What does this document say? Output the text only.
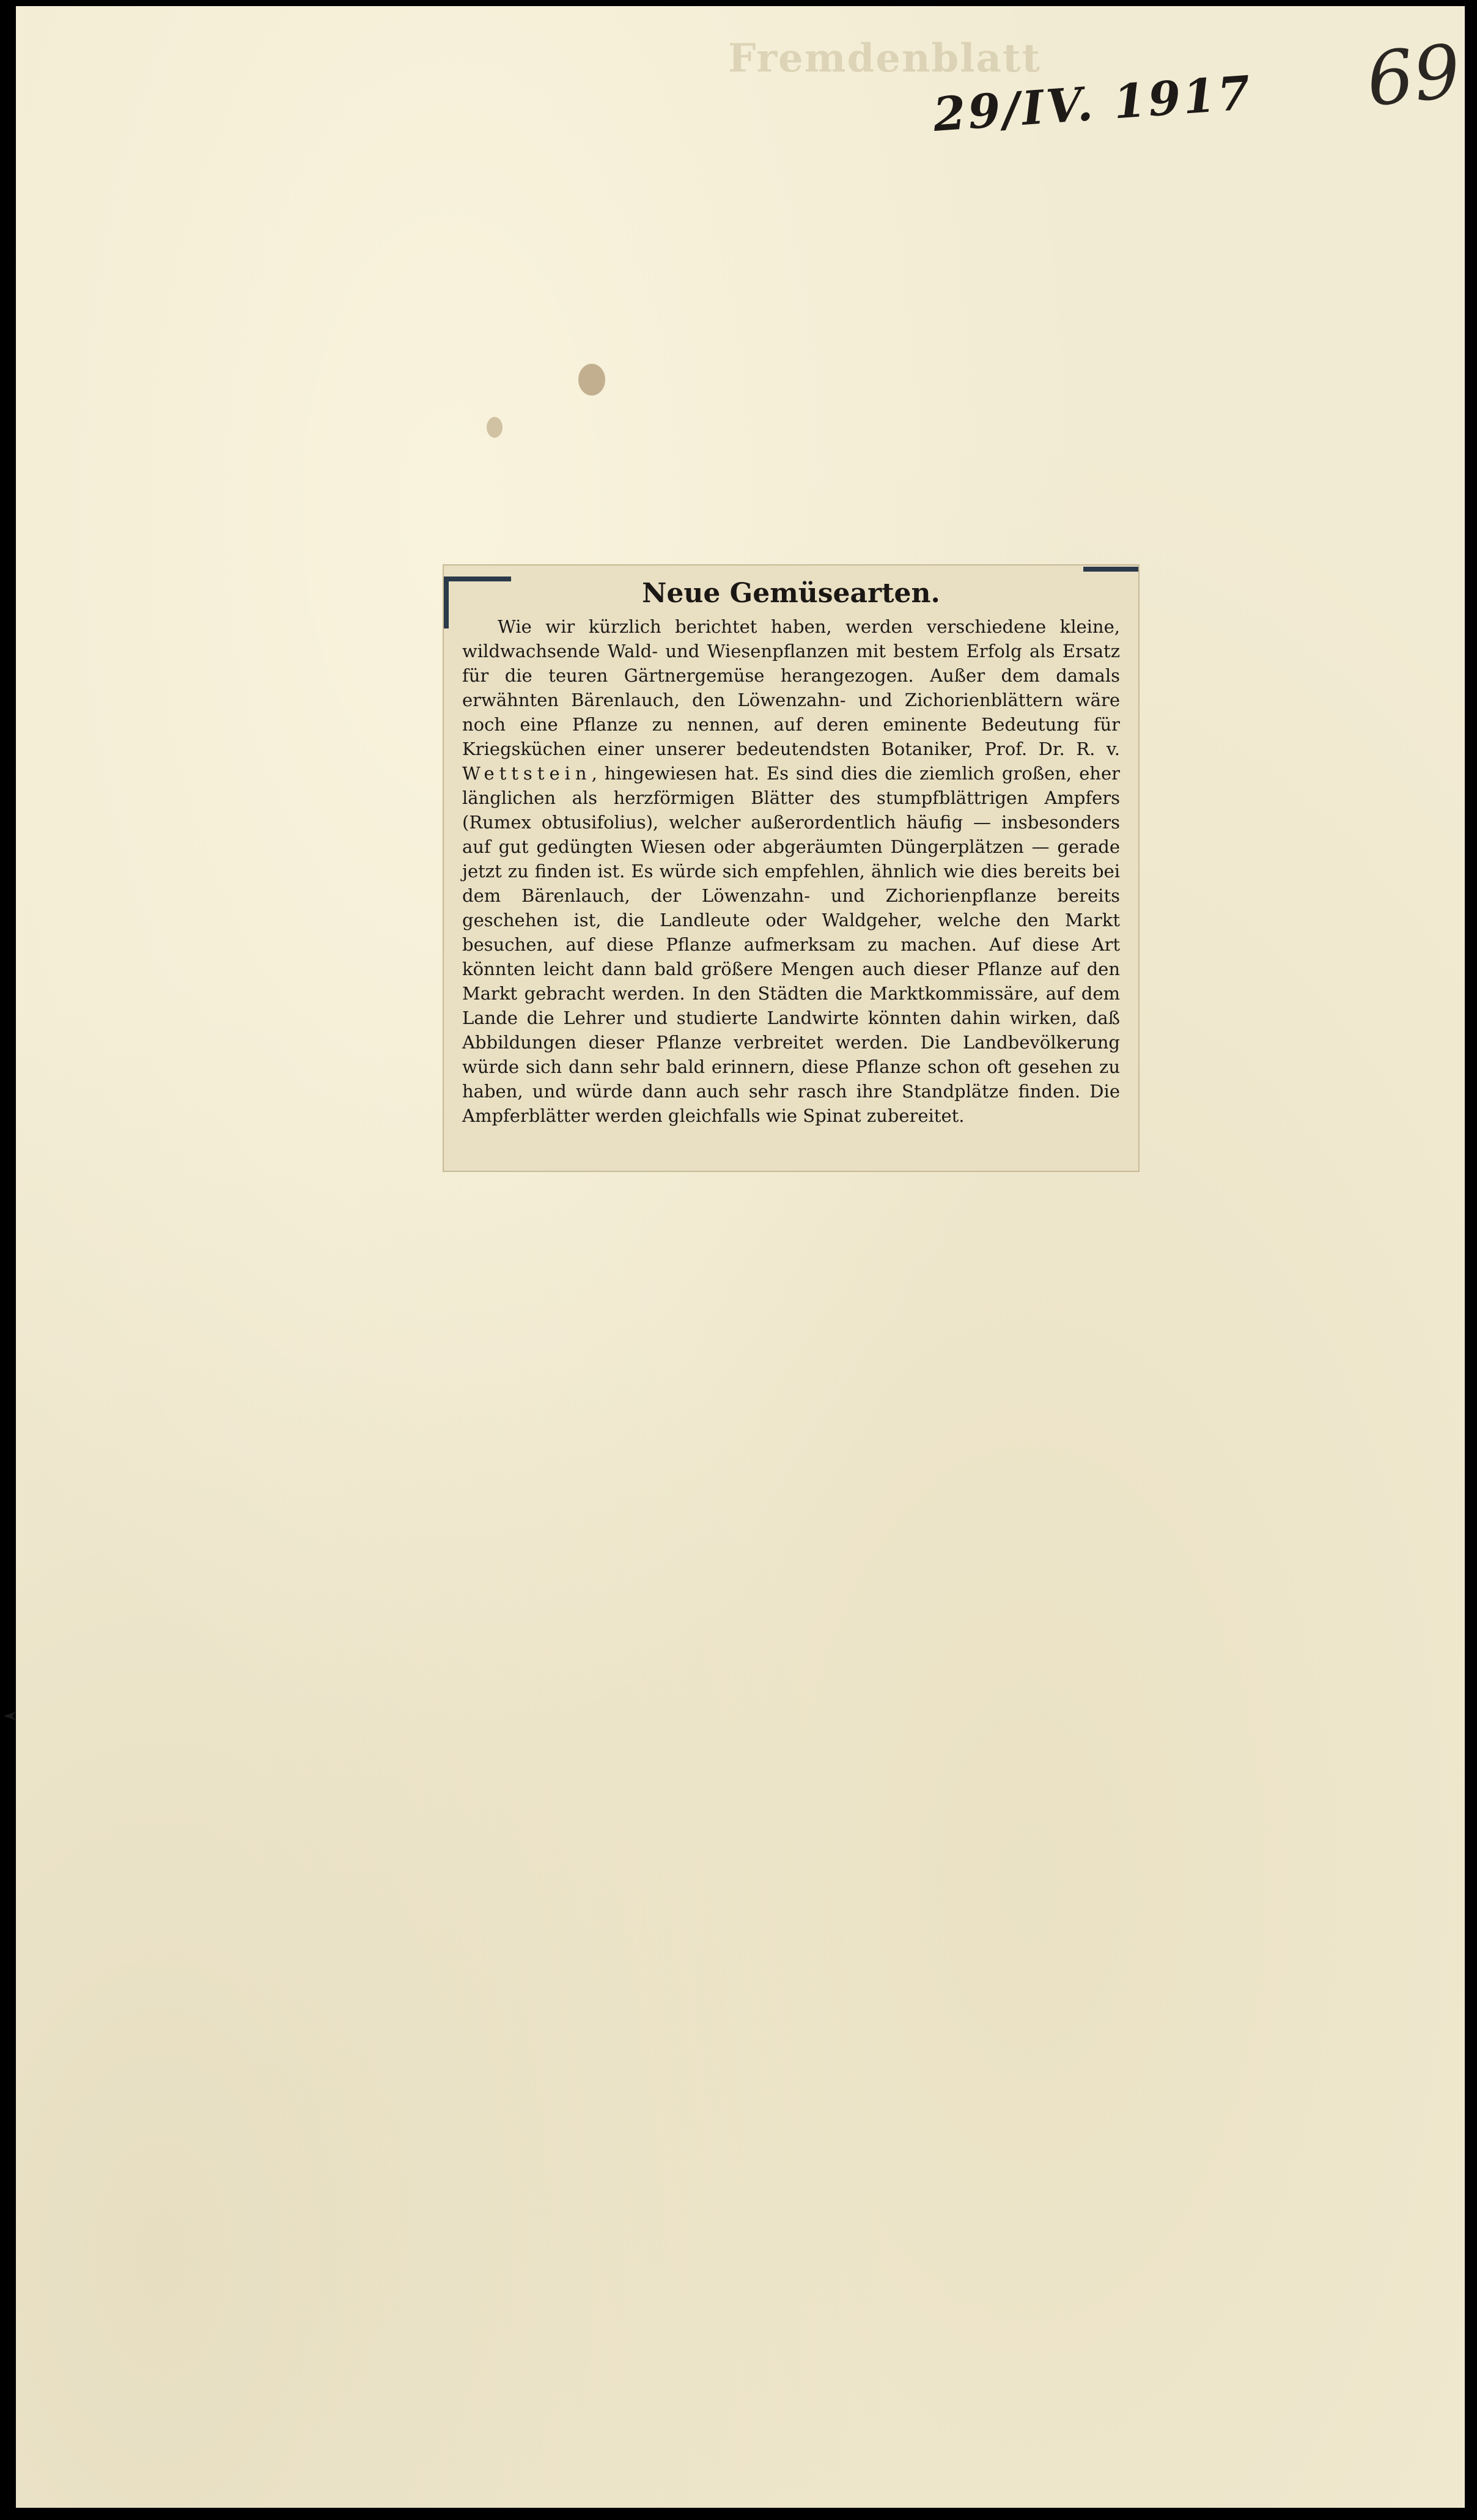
Fremdenblatt
29/IV. 1917 69
Neue Gemüsearten.

Wie wir kürzlich berichtet haben, werden verschiedene kleine, wildwachsende Wald- und Wiesenpflanzen mit bestem Erfolg als Ersatz für die teuren Gärtnergemüse herangezogen. Außer dem damals erwähnten Bärenlauch, den Löwenzahn- und Zichorienblättern wäre noch eine Pflanze zu nennen, auf deren eminente Bedeutung für Kriegsküchen einer unserer bedeutendsten Botaniker, Prof. Dr. R. v. Wettstein, hingewiesen hat. Es sind dies die ziemlich großen, eher länglichen als herzförmigen Blätter des stumpfblättrigen Ampfers (Rumex obtusifolius), welcher außerordentlich häufig — insbesonders auf gut gedüngten Wiesen oder abgeräumten Düngerplätzen — gerade jetzt zu finden ist. Es würde sich empfehlen, ähnlich wie dies bereits bei dem Bärenlauch, der Löwenzahn- und Zichorienpflanze bereits geschehen ist, die Landleute oder Waldgeher, welche den Markt besuchen, auf diese Pflanze aufmerksam zu machen. Auf diese Art könnten leicht dann bald größere Mengen auch dieser Pflanze auf den Markt gebracht werden. In den Städten die Marktkommissäre, auf dem Lande die Lehrer und studierte Landwirte könnten dahin wirken, daß Abbildungen dieser Pflanze verbreitet werden. Die Landbevölkerung würde sich dann sehr bald erinnern, diese Pflanze schon oft gesehen zu haben, und würde dann auch sehr rasch ihre Standplätze finden. Die Ampferblätter werden gleichfalls wie Spinat zubereitet.
